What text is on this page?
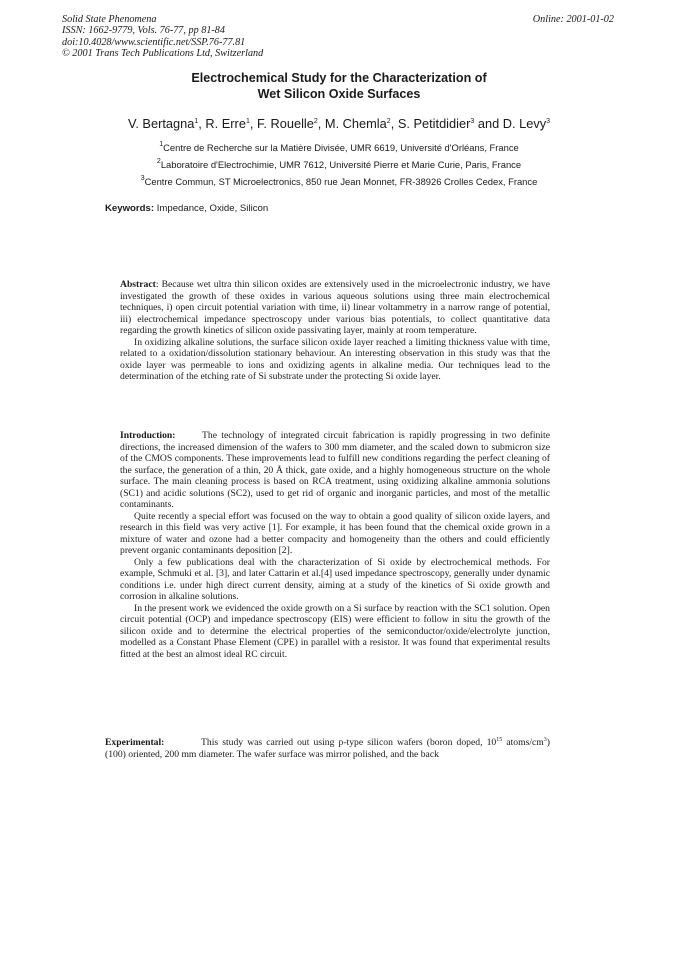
Solid State Phenomena
ISSN: 1662-9779, Vols. 76-77, pp 81-84
doi:10.4028/www.scientific.net/SSP.76-77.81
© 2001 Trans Tech Publications Ltd, Switzerland
Online: 2001-01-02
Electrochemical Study for the Characterization of
Wet Silicon Oxide Surfaces
V. Bertagna$^1$, R. Erre$^1$, F. Rouelle$^2$, M. Chemla$^2$, S. Petitdidier$^3$ and D. Levy$^3$
$^1$Centre de Recherche sur la Matière Divisée, UMR 6619, Université d'Orléans, France
$^2$Laboratoire d'Electrochimie, UMR 7612, Université Pierre et Marie Curie, Paris, France
$^3$Centre Commun, ST Microelectronics, 850 rue Jean Monnet, FR-38926 Crolles Cedex, France
Keywords: Impedance, Oxide, Silicon

Abstract: Because wet ultra thin silicon oxides are extensively used in the microelectronic industry, we have investigated the growth of these oxides in various aqueous solutions using three main electrochemical techniques, i) open circuit potential variation with time, ii) linear voltammetry in a narrow range of potential, iii) electrochemical impedance spectroscopy under various bias potentials, to collect quantitative data regarding the growth kinetics of silicon oxide passivating layer, mainly at room temperature.

In oxidizing alkaline solutions, the surface silicon oxide layer reached a limiting thickness value with time, related to a oxidation/dissolution stationary behaviour. An interesting observation in this study was that the oxide layer was permeable to ions and oxidizing agents in alkaline media. Our techniques lead to the determination of the etching rate of Si substrate under the protecting Si oxide layer.

Introduction:	The technology of integrated circuit fabrication is rapidly progressing in two definite directions, the increased dimension of the wafers to 300 mm diameter, and the scaled down to submicron size of the CMOS components. These improvements lead to fulfill new conditions regarding the perfect cleaning of the surface, the generation of a thin, 20 Å thick, gate oxide, and a highly homogeneous structure on the whole surface. The main cleaning process is based on RCA treatment, using oxidizing alkaline ammonia solutions (SC1) and acidic solutions (SC2), used to get rid of organic and inorganic particles, and most of the metallic contaminants.

Quite recently a special effort was focused on the way to obtain a good quality of silicon oxide layers, and research in this field was very active [1]. For example, it has been found that the chemical oxide grown in a mixture of water and ozone had a better compacity and homogeneity than the others and could efficiently prevent organic contaminants deposition [2].

Only a few publications deal with the characterization of Si oxide by electrochemical methods. For example, Schmuki et al. [3], and later Cattarin et al.[4] used impedance spectroscopy, generally under dynamic conditions i.e. under high direct current density, aiming at a study of the kinetics of Si oxide growth and corrosion in alkaline solutions.

In the present work we evidenced the oxide growth on a Si surface by reaction with the SC1 solution. Open circuit potential (OCP) and impedance spectroscopy (EIS) were efficient to follow in situ the growth of the silicon oxide and to determine the electrical properties of the semiconductor/oxide/electrolyte junction, modelled as a Constant Phase Element (CPE) in parallel with a resistor. It was found that experimental results fitted at the best an almost ideal RC circuit.

Experimental:	This study was carried out using p-type silicon wafers (boron doped, $10^{15}$ atoms/$cm^3$) (100) oriented, 200 mm diameter. The wafer surface was mirror polished, and the back
